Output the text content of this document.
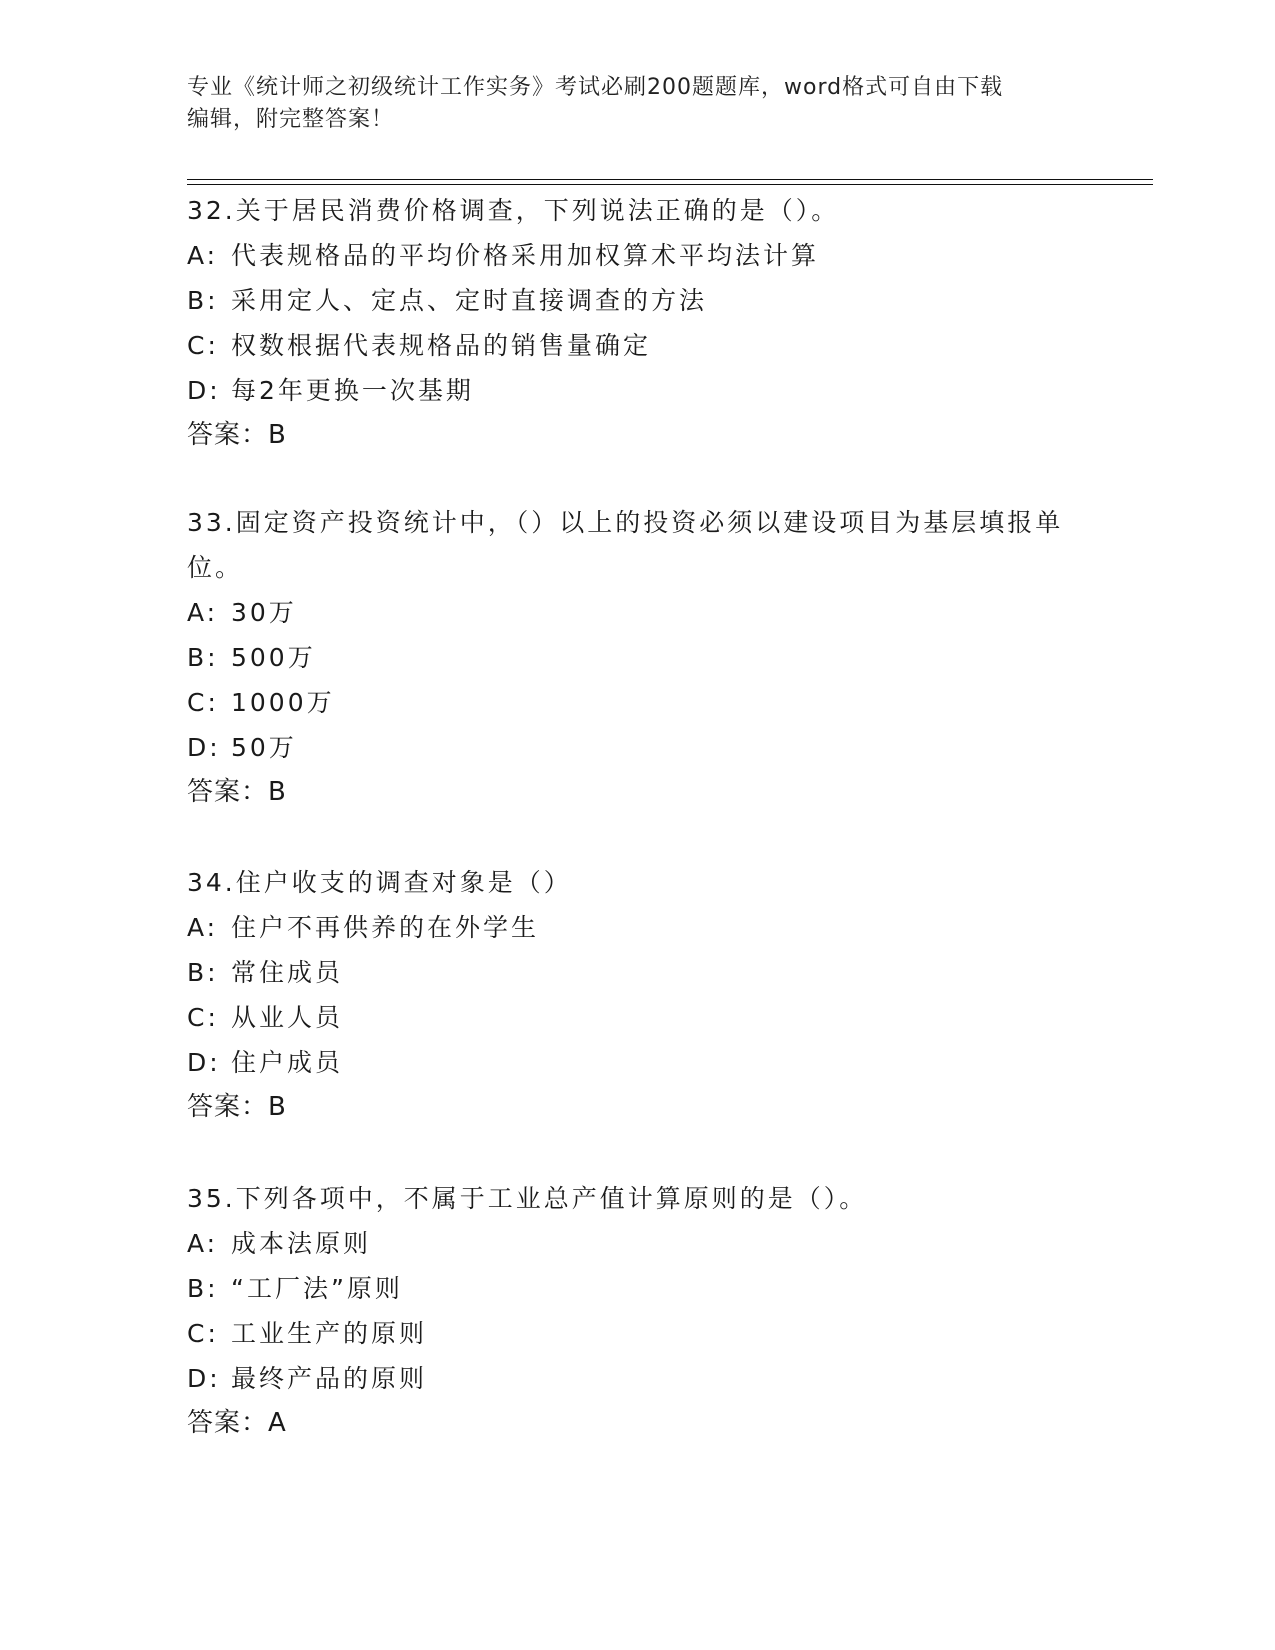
专业《统计师之初级统计工作实务》考试必刷200题题库，word格式可自由下载
编辑，附完整答案！
32.关于居民消费价格调查，下列说法正确的是（）。
A: 代表规格品的平均价格采用加权算术平均法计算
B: 采用定人、定点、定时直接调查的方法
C: 权数根据代表规格品的销售量确定
D: 每2年更换一次基期
答案：B
33.固定资产投资统计中，（）以上的投资必须以建设项目为基层填报单位。
A: 30万
B: 500万
C: 1000万
D: 50万
答案：B
34.住户收支的调查对象是（）
A: 住户不再供养的在外学生
B: 常住成员
C: 从业人员
D: 住户成员
答案：B
35.下列各项中，不属于工业总产值计算原则的是（）。
A: 成本法原则
B: “工厂法”原则
C: 工业生产的原则
D: 最终产品的原则
答案：A
